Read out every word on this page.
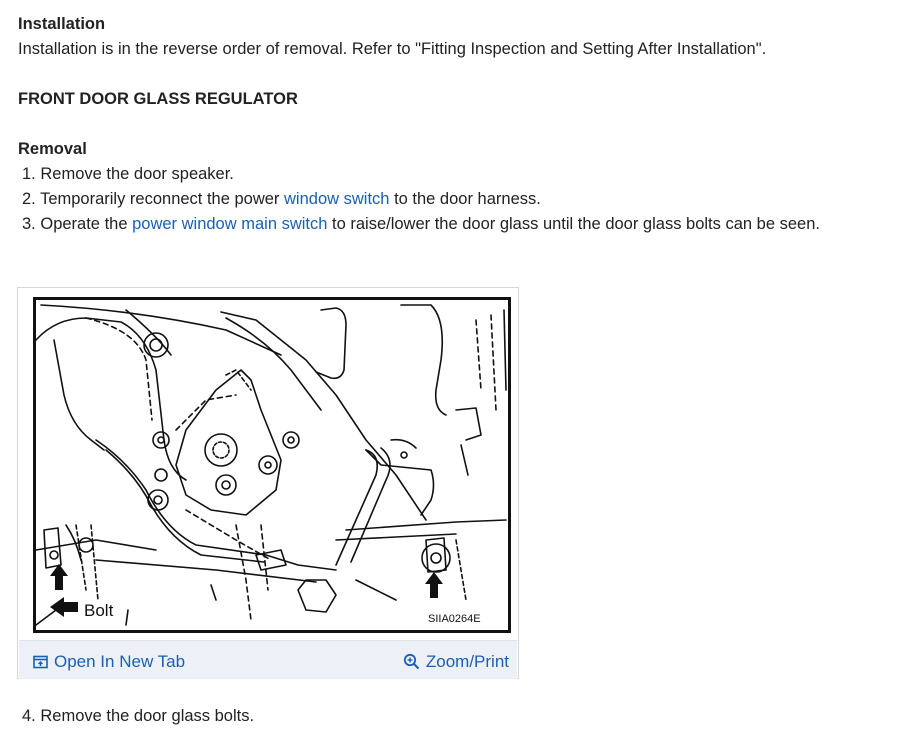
Installation
Installation is in the reverse order of removal. Refer to "Fitting Inspection and Setting After Installation".
FRONT DOOR GLASS REGULATOR
Removal
1. Remove the door speaker.
2. Temporarily reconnect the power window switch to the door harness.
3. Operate the power window main switch to raise/lower the door glass until the door glass bolts can be seen.
Bolt	SIIA0264E
Open In New Tab	Zoom/Print
4. Remove the door glass bolts.
